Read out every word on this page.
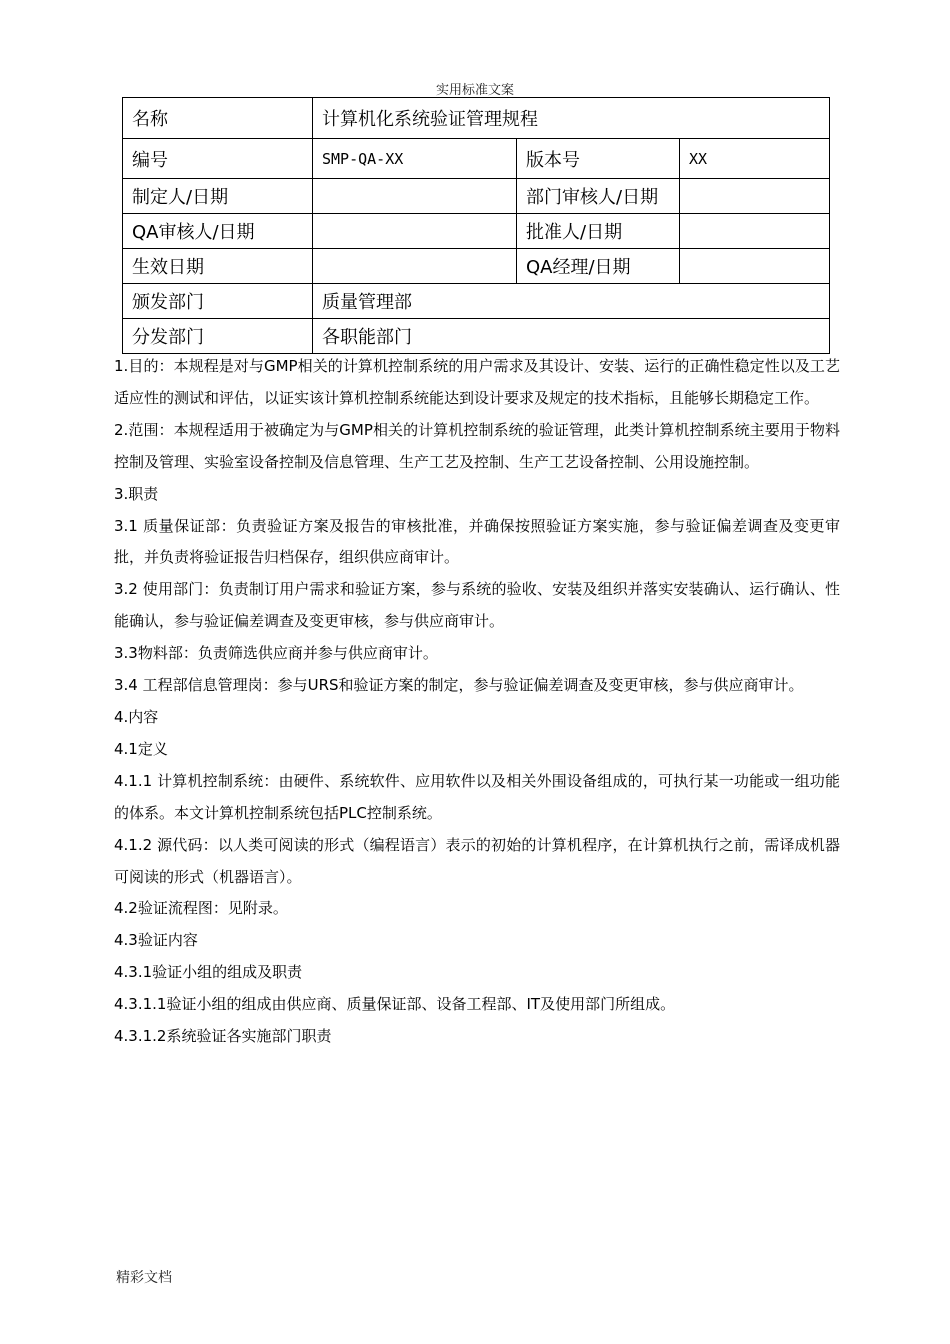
实用标准文案
名称	计算机化系统验证管理规程		
编号	SMP-QA-XX	版本号	XX
制定人/日期		部门审核人/日期	
QA审核人/日期		批准人/日期	
生效日期		QA经理/日期	
颁发部门	质量管理部		
分发部门	各职能部门		

1.目的：本规程是对与GMP相关的计算机控制系统的用户需求及其设计、安装、运行的正确性稳定性以及工艺适应性的测试和评估，以证实该计算机控制系统能达到设计要求及规定的技术指标，且能够长期稳定工作。

2.范围：本规程适用于被确定为与GMP相关的计算机控制系统的验证管理，此类计算机控制系统主要用于物料控制及管理、实验室设备控制及信息管理、生产工艺及控制、生产工艺设备控制、公用设施控制。

3.职责

3.1 质量保证部：负责验证方案及报告的审核批准，并确保按照验证方案实施，参与验证偏差调查及变更审批，并负责将验证报告归档保存，组织供应商审计。

3.2 使用部门：负责制订用户需求和验证方案，参与系统的验收、安装及组织并落实安装确认、运行确认、性能确认，参与验证偏差调查及变更审核，参与供应商审计。

3.3物料部：负责筛选供应商并参与供应商审计。

3.4 工程部信息管理岗：参与URS和验证方案的制定，参与验证偏差调查及变更审核，参与供应商审计。

4.内容

4.1定义

4.1.1 计算机控制系统：由硬件、系统软件、应用软件以及相关外围设备组成的，可执行某一功能或一组功能的体系。本文计算机控制系统包括PLC控制系统。

4.1.2 源代码：以人类可阅读的形式（编程语言）表示的初始的计算机程序，在计算机执行之前，需译成机器可阅读的形式（机器语言）。

4.2验证流程图：见附录。

4.3验证内容

4.3.1验证小组的组成及职责

4.3.1.1验证小组的组成由供应商、质量保证部、设备工程部、IT及使用部门所组成。

4.3.1.2系统验证各实施部门职责

精彩文档
